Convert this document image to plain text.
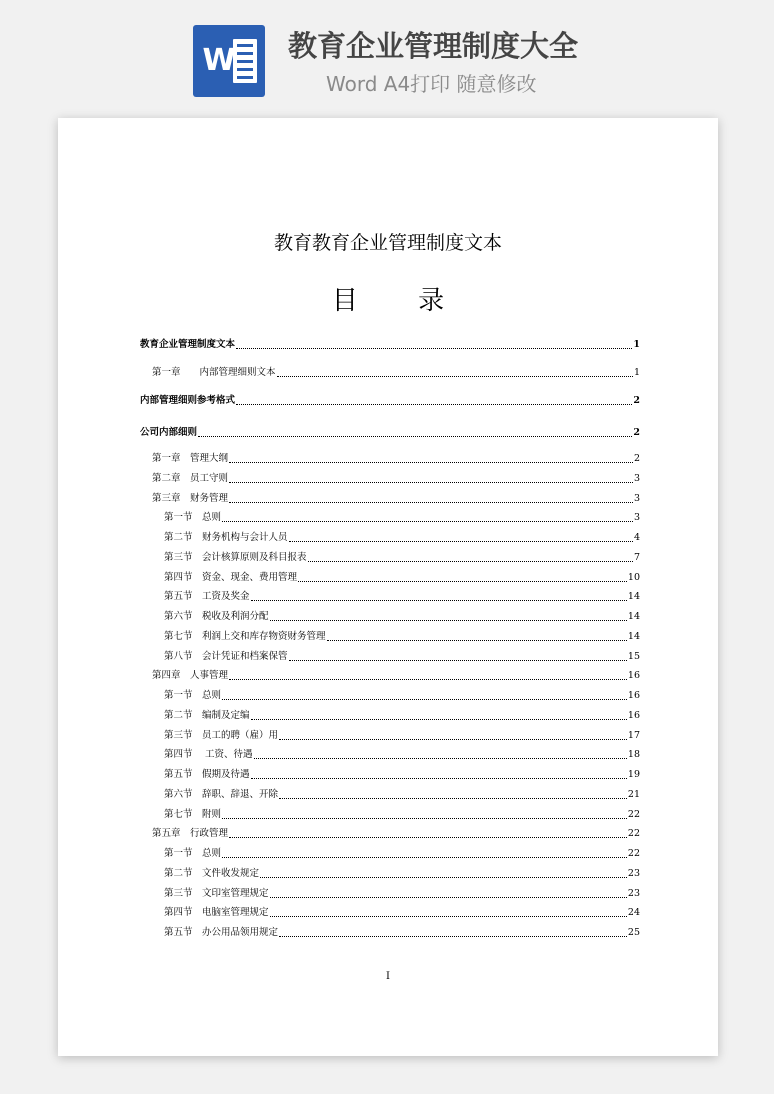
W 教育企业管理制度大全
Word A4打印 随意修改
教育教育企业管理制度文本
目 录
教育企业管理制度文本	1
第一章　　内部管理细则文本	1
内部管理细则参考格式	2
公司内部细则	2
第一章　管理大纲	2
第二章　员工守则	3
第三章　财务管理	3
第一节　总则	3
第二节　财务机构与会计人员	4
第三节　会计核算原则及科目报表	7
第四节　资金、现金、费用管理	10
第五节　工资及奖金	14
第六节　税收及利润分配	14
第七节　利润上交和库存物资财务管理	14
第八节　会计凭证和档案保管	15
第四章　人事管理	16
第一节　总则	16
第二节　编制及定编	16
第三节　员工的聘（雇）用	17
第四节　 工资、待遇	18
第五节　假期及待遇	19
第六节　辞职、辞退、开除	21
第七节　附则	22
第五章　行政管理	22
第一节　总则	22
第二节　文件收发规定	23
第三节　文印室管理规定	23
第四节　电脑室管理规定	24
第五节　办公用品领用规定	25
I
